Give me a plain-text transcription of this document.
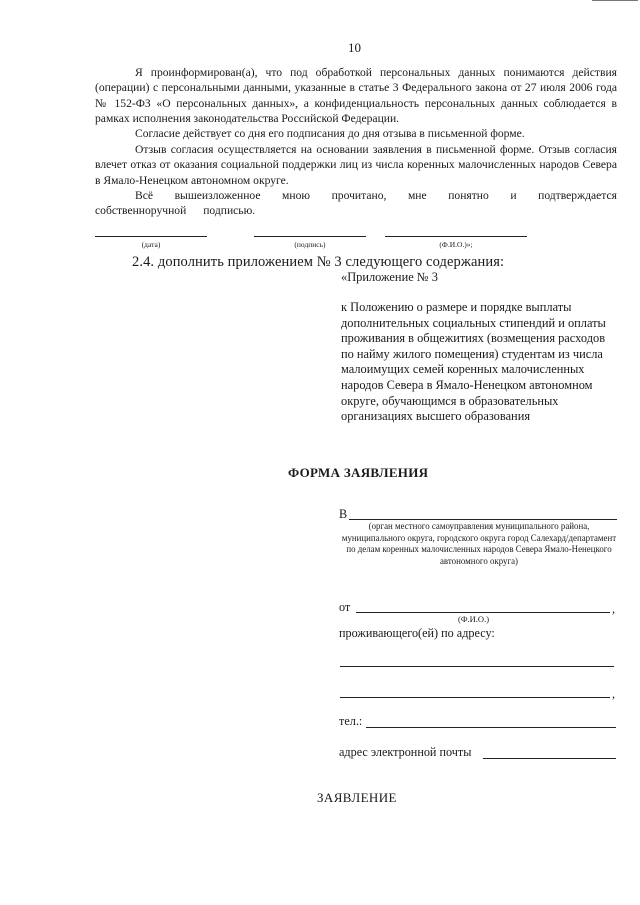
10
Я проинформирован(а), что под обработкой персональных данных понимаются действия (операции) с персональными данными, указанные в статье 3 Федерального закона от 27 июля 2006 года № 152-ФЗ «О персональных данных», а конфиденциальность персональных данных соблюдается в рамках исполнения законодательства Российской Федерации.
Согласие действует со дня его подписания до дня отзыва в письменной форме.
Отзыв согласия осуществляется на основании заявления в письменной форме. Отзыв согласия влечет отказ от оказания социальной поддержки лиц из числа коренных малочисленных народов Севера в Ямало-Ненецком автономном округе.
Всё вышеизложенное мною прочитано, мне понятно и подтверждается собственноручной подписью.
(дата)	(подпись)	(Ф.И.О.)»;
2.4. дополнить приложением № 3 следующего содержания:
«Приложение № 3
к Положению о размере и порядке выплаты дополнительных социальных стипендий и оплаты проживания в общежитиях (возмещения расходов по найму жилого помещения) студентам из числа малоимущих семей коренных малочисленных народов Севера в Ямало-Ненецком автономном округе, обучающимся в образовательных организациях высшего образования
ФОРМА ЗАЯВЛЕНИЯ
В
(орган местного самоуправления муниципального района, муниципального округа, городского округа город Салехард/департамент по делам коренных малочисленных народов Севера Ямало-Ненецкого автономного округа)
от	,
(Ф.И.О.)
проживающего(ей) по адресу:
,
тел.:
адрес электронной почты
ЗАЯВЛЕНИЕ
